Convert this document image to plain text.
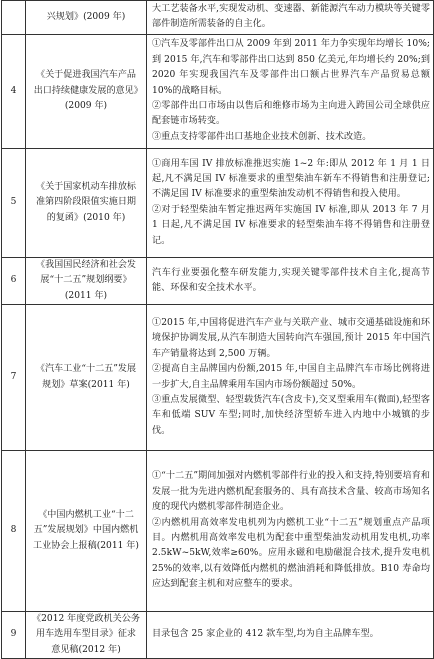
	兴规划》(2009 年)	大工艺装备水平,实现发动机、变速器、新能源汽车动力模块等关键零部件制造所需装备的自主化。

4	《关于促进我国汽车产品出口持续健康发展的意见》(2009 年)	①汽车及零部件出口从 2009 年到 2011 年力争实现年均增长 10%;到 2015 年,汽车和零部件出口达到 850 亿美元,年均增长约 20%;到 2020 年实现我国汽车及零部件出口额占世界汽车产品贸易总额 10%的战略目标。
②零部件出口市场由以售后和维修市场为主向进入跨国公司全球供应配套链市场转变。
③重点支持零部件出口基地企业技术创新、技术改造。

5	《关于国家机动车排放标准第四阶段限值实施日期的复函》(2010 年)	①商用车国 IV 排放标准推迟实施 1~2 年:即从 2012 年 1 月 1 日起,凡不满足国 IV 标准要求的重型柴油车新车不得销售和注册登记;不满足国 IV 标准要求的重型柴油发动机不得销售和投入使用。
②对于轻型柴油车暂定推迟两年实施国 IV 标准,即从 2013 年 7 月 1 日起,凡不满足国 IV 标准要求的轻型柴油车将不得销售和注册登记。

6	《我国国民经济和社会发展“十二五”规划纲要》(2011 年)	汽车行业要强化整车研发能力,实现关键零部件技术自主化,提高节能、环保和安全技术水平。

7	《汽车工业“十二五”发展规划》草案(2011 年)	①2015 年,中国将促进汽车产业与关联产业、城市交通基础设施和环境保护协调发展,从汽车制造大国转向汽车强国,预计 2015 年中国汽车产销量将达到 2,500 万辆。
②提高自主品牌国内份额,2015 年,中国自主品牌汽车市场比例将进一步扩大,自主品牌乘用车国内市场份额超过 50%。
③重点发展微型、轻型载货汽车(含皮卡),交叉型乘用车(微面),轻型客车和低端 SUV 车型;同时,加快经济型轿车进入内地中小城镇的步伐。

8	《中国内燃机工业“十二五”发展规划》中国内燃机工业协会上报稿(2011 年)	①“十二五”期间加强对内燃机零部件行业的投入和支持,特别要培育和发展一批为先进内燃机配套服务的、具有高技术含量、较高市场知名度的现代内燃机零部件制造企业。
②内燃机用高效率发电机列为内燃机工业“十二五”规划重点产品项目。内燃机用高效率发电机为配套中重型柴油发动机用发电机,功率 2.5kW~5kW,效率≥60%。应用永磁和电励磁混合技术,提升发电机 25%的效率,以有效降低内燃机的燃油消耗和降低排放。B10 寿命均应达到配套主机和对应整车的要求。

9	《2012 年度党政机关公务用车选用车型目录》征求意见稿(2012 年)	目录包含 25 家企业的 412 款车型,均为自主品牌车型。
